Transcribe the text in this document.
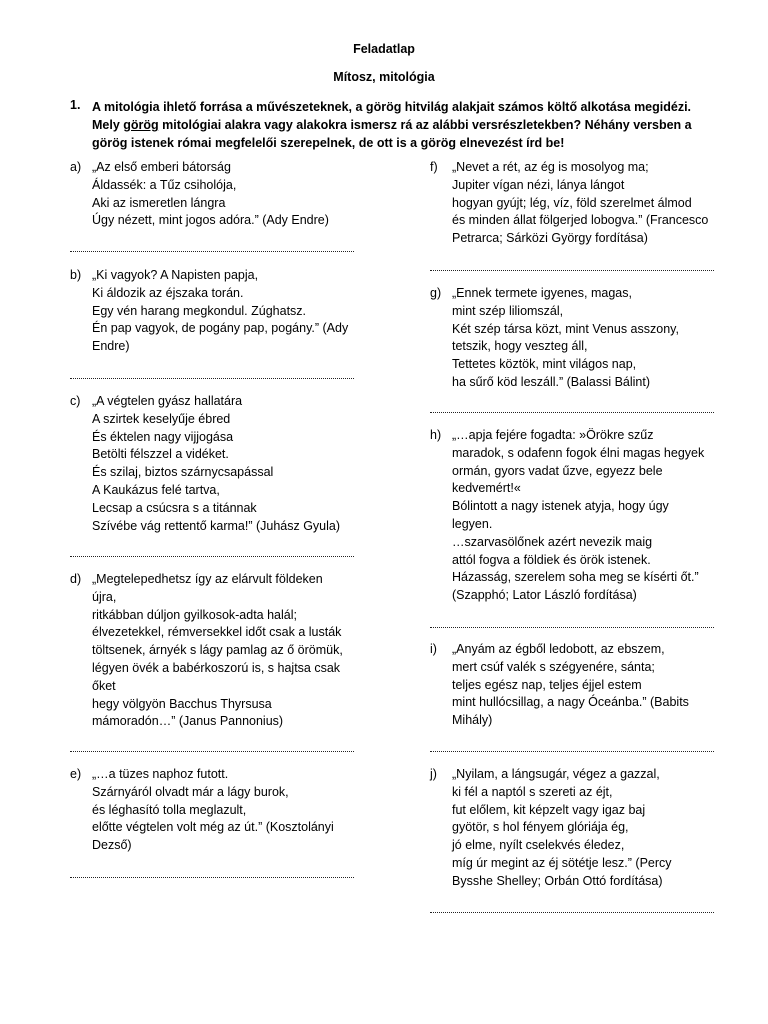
Feladatlap
Mítosz, mitológia
1. A mitológia ihlető forrása a művészeteknek, a görög hitvilág alakjait számos költő alkotása megidézi. Mely görög mitológiai alakra vagy alakokra ismersz rá az alábbi versrészletekben? Néhány versben a görög istenek római megfelelői szerepelnek, de ott is a görög elnevezést írd be!
a) „Az első emberi bátorság
Áldassék: a Tűz csiholója,
Aki az ismeretlen lángra
Úgy nézett, mint jogos adóra.” (Ady Endre)
b) „Ki vagyok? A Napisten papja,
Ki áldozik az éjszaka torán.
Egy vén harang megkondul. Zúghatsz.
Én pap vagyok, de pogány pap, pogány.” (Ady
Endre)
c) „A végtelen gyász hallatára
A szirtek keselyűje ébred
És éktelen nagy vijjogása
Betölti félszzel a vidéket.
És szilaj, biztos szárnycsapással
A Kaukázus felé tartva,
Lecsap a csúcsra s a titánnak
Szívébe vág rettentő karma!” (Juhász Gyula)
d) „Megtelepedhetsz így az elárvult földeken
újra,
ritkábban dúljon gyilkosok-adta halál;
élvezetekkel, rémversekkel időt csak a lusták
töltsenek, árnyék s lágy pamlag az ő örömük,
légyen övék a babérkoszorú is, s hajtsa csak
őket
hegy völgyön Bacchus Thyrsusa
mámoradón…” (Janus Pannonius)
e) „…a tüzes naphoz futott.
Szárnyáról olvadt már a lágy burok,
és léghasító tolla meglazult,
előtte végtelen volt még az út.” (Kosztolányi
Dezső)
f) „Nevet a rét, az ég is mosolyog ma;
Jupiter vígan nézi, lánya lángot
hogyan gyújt; lég, víz, föld szerelmet álmod
és minden állat fölgerjed lobogva.” (Francesco
Petrarca; Sárközi György fordítása)
g) „Ennek termete igyenes, magas,
mint szép liliomszál,
Két szép társa közt, mint Venus asszony,
tetszik, hogy veszteg áll,
Tettetes köztök, mint világos nap,
ha sűrő köd leszáll.” (Balassi Bálint)
h) „…apja fejére fogadta: »Örökre szűz
maradok, s odafenn fogok élni magas hegyek
ormán, gyors vadat űzve, egyezz bele
kedvemért!«
Bólintott a nagy istenek atyja, hogy úgy
legyen.
…szarvasölőnek azért nevezik maig
attól fogva a földiek és örök istenek.
Házasság, szerelem soha meg se kísérti őt.”
(Szapphó; Lator László fordítása)
i) „Anyám az égből ledobott, az ebszem,
mert csúf valék s szégyenére, sánta;
teljes egész nap, teljes éjjel estem
mint hullócsillag, a nagy Óceánba.” (Babits
Mihály)
j) „Nyilam, a lángsugár, végez a gazzal,
ki fél a naptól s szereti az éjt,
fut előlem, kit képzelt vagy igaz baj
gyötör, s hol fényem glóriája ég,
jó elme, nyílt cselekvés éledez,
míg úr megint az éj sötétje lesz.” (Percy
Bysshe Shelley; Orbán Ottó fordítása)
